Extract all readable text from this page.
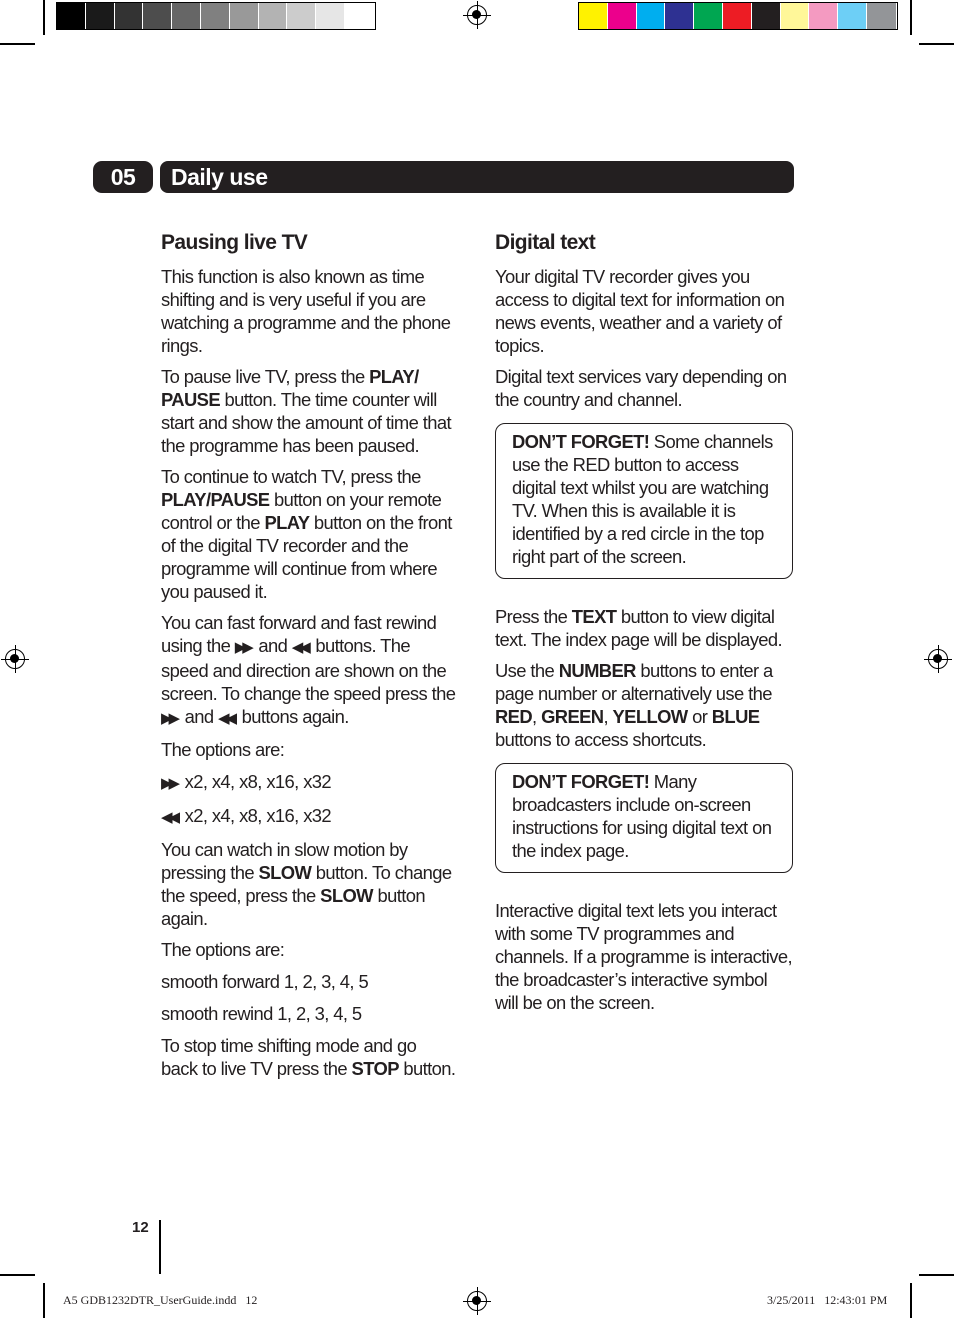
05	Daily use
Pausing live TV

This function is also known as time shifting and is very useful if you are watching a programme and the phone rings.

To pause live TV, press the PLAY/ PAUSE button. The time counter will start and show the amount of time that the programme has been paused.

To continue to watch TV, press the PLAY/PAUSE button on your remote control or the PLAY button on the front of the digital TV recorder and the programme will continue from where you paused it.

You can fast forward and fast rewind using the ▶▶ and ◀◀ buttons. The speed and direction are shown on the screen. To change the speed press the ▶▶ and ◀◀ buttons again.

The options are:

▶▶ x2, x4, x8, x16, x32

◀◀ x2, x4, x8, x16, x32

You can watch in slow motion by pressing the SLOW button. To change the speed, press the SLOW button again.

The options are:

smooth forward 1, 2, 3, 4, 5

smooth rewind 1, 2, 3, 4, 5

To stop time shifting mode and go back to live TV press the STOP button.

Digital text

Your digital TV recorder gives you access to digital text for information on news events, weather and a variety of topics.

Digital text services vary depending on the country and channel.

DON’T FORGET! Some channels use the RED button to access digital text whilst you are watching TV. When this is available it is identified by a red circle in the top right part of the screen.

Press the TEXT button to view digital text. The index page will be displayed.

Use the NUMBER buttons to enter a page number or alternatively use the RED, GREEN, YELLOW or BLUE buttons to access shortcuts.

DON’T FORGET! Many broadcasters include on-screen instructions for using digital text on the index page.

Interactive digital text lets you interact with some TV programmes and channels. If a programme is interactive, the broadcaster’s interactive symbol will be on the screen.

12
A5 GDB1232DTR_UserGuide.indd   12	3/25/2011   12:43:01 PM
